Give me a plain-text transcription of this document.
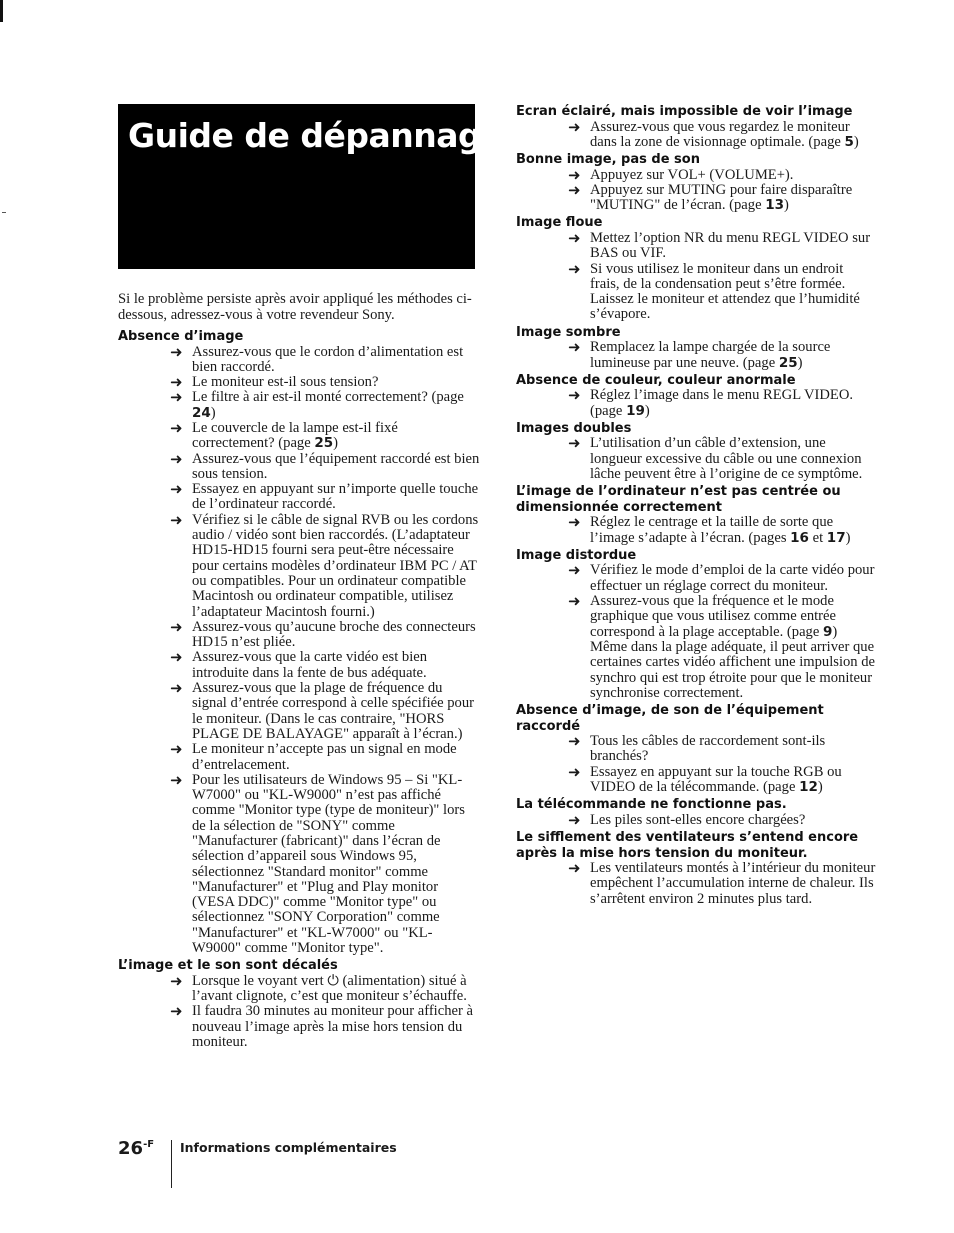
Guide de dépannage

Si le problème persiste après avoir appliqué les méthodes ci-dessous, adressez-vous à votre revendeur Sony.

Absence d’image
➜ Assurez-vous que le cordon d’alimentation est bien raccordé.
➜ Le moniteur est-il sous tension?
➜ Le filtre à air est-il monté correctement? (page 24)
➜ Le couvercle de la lampe est-il fixé correctement? (page 25)
➜ Assurez-vous que l’équipement raccordé est bien sous tension.
➜ Essayez en appuyant sur n’importe quelle touche de l’ordinateur raccordé.
➜ Vérifiez si le câble de signal RVB ou les cordons audio / vidéo sont bien raccordés. (L’adaptateur HD15-HD15 fourni sera peut-être nécessaire pour certains modèles d’ordinateur IBM PC / AT ou compatibles. Pour un ordinateur compatible Macintosh ou ordinateur compatible, utilisez l’adaptateur Macintosh fourni.)
➜ Assurez-vous qu’aucune broche des connecteurs HD15 n’est pliée.
➜ Assurez-vous que la carte vidéo est bien introduite dans la fente de bus adéquate.
➜ Assurez-vous que la plage de fréquence du signal d’entrée correspond à celle spécifiée pour le moniteur. (Dans le cas contraire, "HORS PLAGE DE BALAYAGE" apparaît à l’écran.)
➜ Le moniteur n’accepte pas un signal en mode d’entrelacement.
➜ Pour les utilisateurs de Windows 95 – Si "KL-W7000" ou "KL-W9000" n’est pas affiché comme "Monitor type (type de moniteur)" lors de la sélection de "SONY" comme "Manufacturer (fabricant)" dans l’écran de sélection d’appareil sous Windows 95, sélectionnez "Standard monitor" comme "Manufacturer" et "Plug and Play monitor (VESA DDC)" comme "Monitor type" ou sélectionnez "SONY Corporation" comme "Manufacturer" et "KL-W7000" ou "KL-W9000" comme "Monitor type".
L’image et le son sont décalés
➜ Lorsque le voyant vert ⏻ (alimentation) situé à l’avant clignote, c’est que moniteur s’échauffe.
➜ Il faudra 30 minutes au moniteur pour afficher à nouveau l’image après la mise hors tension du moniteur.
Ecran éclairé, mais impossible de voir l’image
➜ Assurez-vous que vous regardez le moniteur dans la zone de visionnage optimale. (page 5)
Bonne image, pas de son
➜ Appuyez sur VOL+ (VOLUME+).
➜ Appuyez sur MUTING pour faire disparaître "MUTING" de l’écran. (page 13)
Image floue
➜ Mettez l’option NR du menu REGL VIDEO sur BAS ou VIF.
➜ Si vous utilisez le moniteur dans un endroit frais, de la condensation peut s’être formée. Laissez le moniteur et attendez que l’humidité s’évapore.
Image sombre
➜ Remplacez la lampe chargée de la source lumineuse par une neuve. (page 25)
Absence de couleur, couleur anormale
➜ Réglez l’image dans le menu REGL VIDEO. (page 19)
Images doubles
➜ L’utilisation d’un câble d’extension, une longueur excessive du câble ou une connexion lâche peuvent être à l’origine de ce symptôme.
L’image de l’ordinateur n’est pas centrée ou dimensionnée correctement
➜ Réglez le centrage et la taille de sorte que l’image s’adapte à l’écran. (pages 16 et 17)
Image distordue
➜ Vérifiez le mode d’emploi de la carte vidéo pour effectuer un réglage correct du moniteur.
➜ Assurez-vous que la fréquence et le mode graphique que vous utilisez comme entrée correspond à la plage acceptable. (page 9) Même dans la plage adéquate, il peut arriver que certaines cartes vidéo affichent une impulsion de synchro qui est trop étroite pour que le moniteur synchronise correctement.
Absence d’image, de son de l’équipement raccordé
➜ Tous les câbles de raccordement sont-ils branchés?
➜ Essayez en appuyant sur la touche RGB ou VIDEO de la télécommande. (page 12)
La télécommande ne fonctionne pas.
➜ Les piles sont-elles encore chargées?
Le sifflement des ventilateurs s’entend encore après la mise hors tension du moniteur.
➜ Les ventilateurs montés à l’intérieur du moniteur empêchent l’accumulation interne de chaleur. Ils s’arrêtent environ 2 minutes plus tard.
$26^{-F}$ Informations complémentaires
